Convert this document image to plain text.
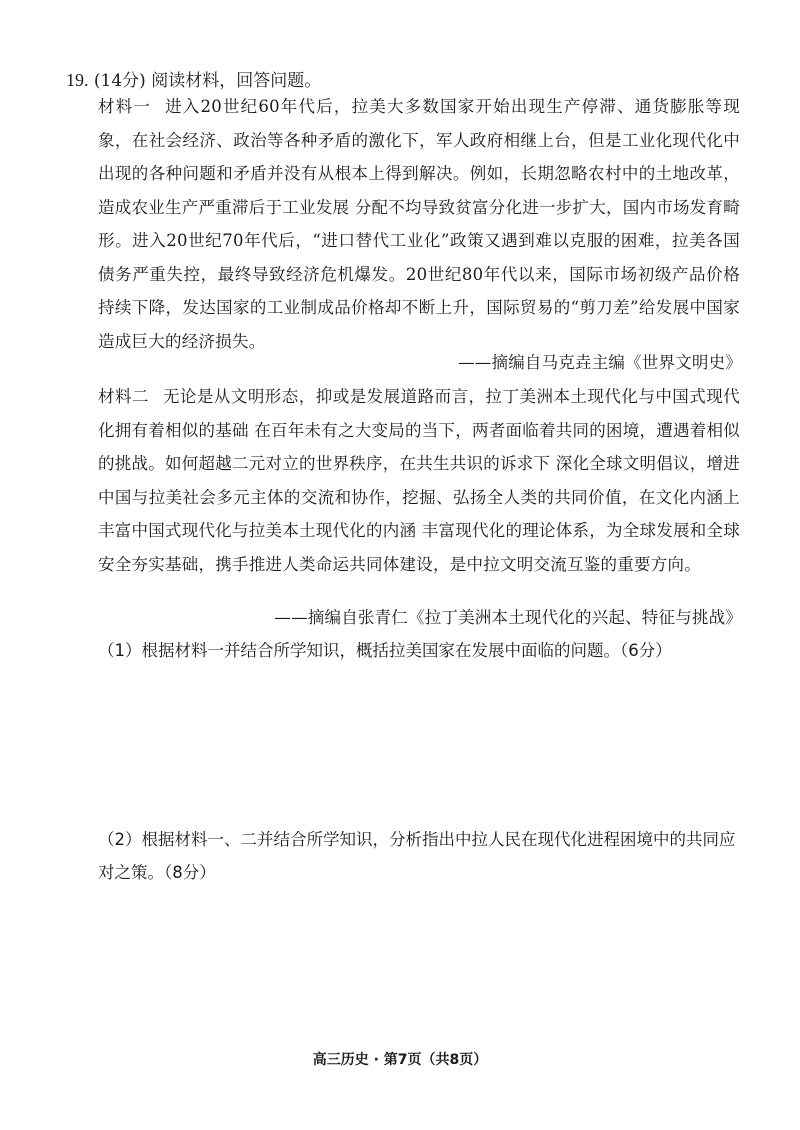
19. (14分) 阅读材料，回答问题。

材料一 进入20世纪60年代后，拉美大多数国家开始出现生产停滞、通货膨胀等现象，在社会经济、政治等各种矛盾的激化下，军人政府相继上台，但是工业化现代化中出现的各种问题和矛盾并没有从根本上得到解决。例如，长期忽略农村中的土地改革，造成农业生产严重滞后于工业发展 分配不均导致贫富分化进一步扩大，国内市场发育畸形。进入20世纪70年代后，“进口替代工业化”政策又遇到难以克服的困难，拉美各国债务严重失控，最终导致经济危机爆发。20世纪80年代以来，国际市场初级产品价格持续下降，发达国家的工业制成品价格却不断上升，国际贸易的“剪刀差”给发展中国家造成巨大的经济损失。

——摘编自马克垚主编《世界文明史》

材料二 无论是从文明形态，抑或是发展道路而言，拉丁美洲本土现代化与中国式现代化拥有着相似的基础 在百年未有之大变局的当下，两者面临着共同的困境，遭遇着相似的挑战。如何超越二元对立的世界秩序，在共生共识的诉求下 深化全球文明倡议，增进中国与拉美社会多元主体的交流和协作，挖掘、弘扬全人类的共同价值，在文化内涵上丰富中国式现代化与拉美本土现代化的内涵 丰富现代化的理论体系，为全球发展和全球安全夯实基础，携手推进人类命运共同体建设，是中拉文明交流互鉴的重要方向。

——摘编自张青仁《拉丁美洲本土现代化的兴起、特征与挑战》

（1）根据材料一并结合所学知识，概括拉美国家在发展中面临的问题。（6分）

（2）根据材料一、二并结合所学知识，分析指出中拉人民在现代化进程困境中的共同应对之策。（8分）

高三历史 · 第7页（共8页）
